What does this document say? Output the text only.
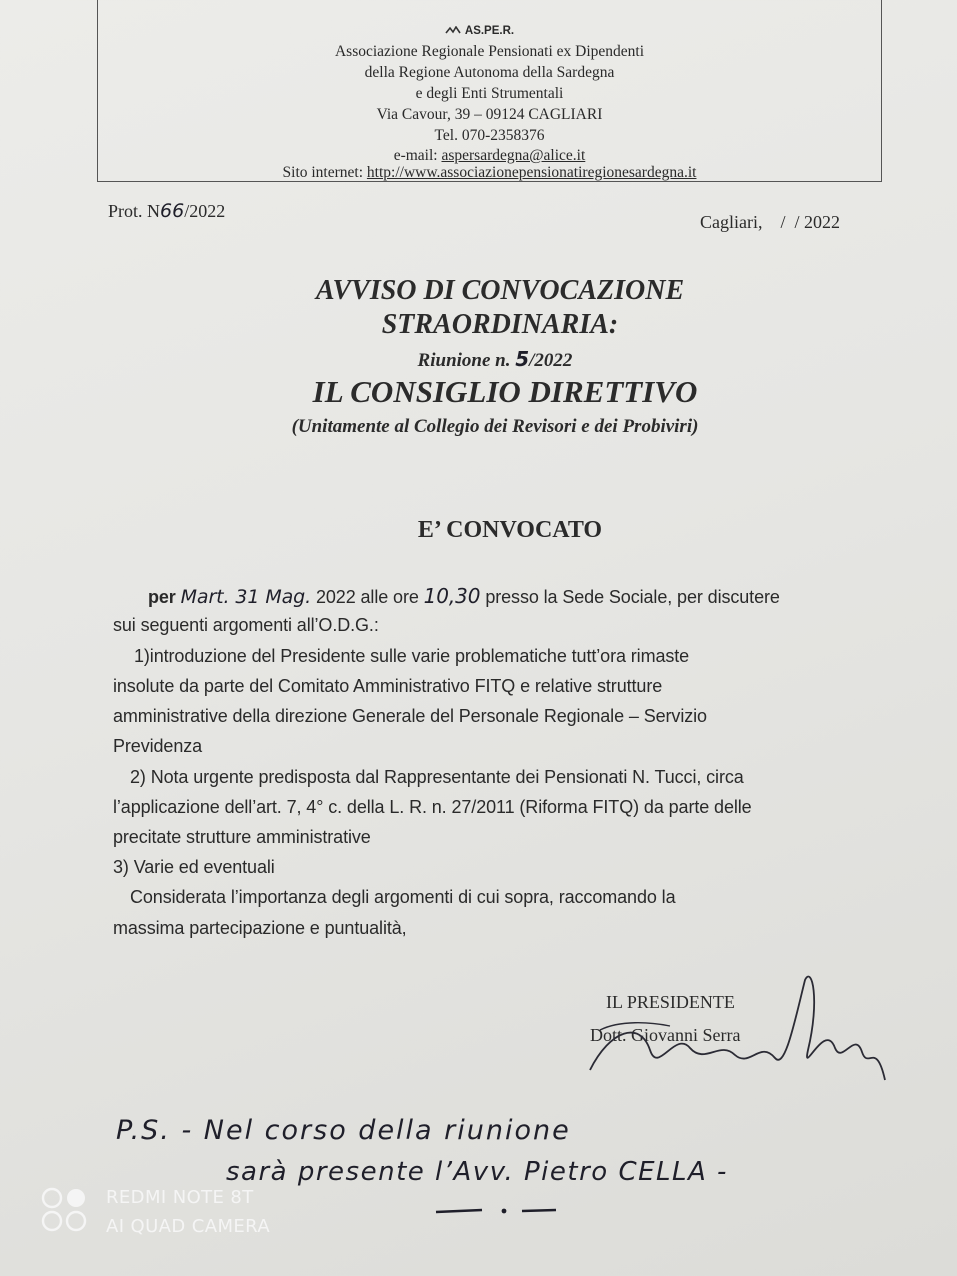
AS.PE.R.
Associazione Regionale Pensionati ex Dipendenti
della Regione Autonoma della Sardegna
e degli Enti Strumentali
Via Cavour, 39 – 09124 CAGLIARI
Tel. 070-2358376
e-mail: aspersardegna@alice.it
Sito internet: http://www.associazionepensionatiregionesardegna.it
Prot. N66/2022
Cagliari,    /  / 2022
AVVISO DI CONVOCAZIONE
STRAORDINARIA:
Riunione n. 5/2022
IL CONSIGLIO DIRETTIVO
(Unitamente al Collegio dei Revisori e dei Probiviri)
E’ CONVOCATO
per Mart. 31 Mag. 2022 alle ore 10,30 presso la Sede Sociale, per discutere
sui seguenti argomenti all’O.D.G.:
1)introduzione del Presidente sulle varie problematiche tutt’ora rimaste
insolute da parte del Comitato Amministrativo FITQ e relative strutture
amministrative della direzione Generale del Personale Regionale – Servizio
Previdenza
2) Nota urgente predisposta dal Rappresentante dei Pensionati N. Tucci, circa
l’applicazione dell’art. 7, 4° c. della L. R. n. 27/2011 (Riforma FITQ) da parte delle
precitate strutture amministrative
3) Varie ed eventuali
Considerata l’importanza degli argomenti di cui sopra, raccomando la
massima partecipazione e puntualità,
IL PRESIDENTE
Dott. Giovanni Serra
P.S. - Nel corso della riunione
sarà presente l’Avv. Pietro CELLA -
REDMI NOTE 8T
AI QUAD CAMERA
